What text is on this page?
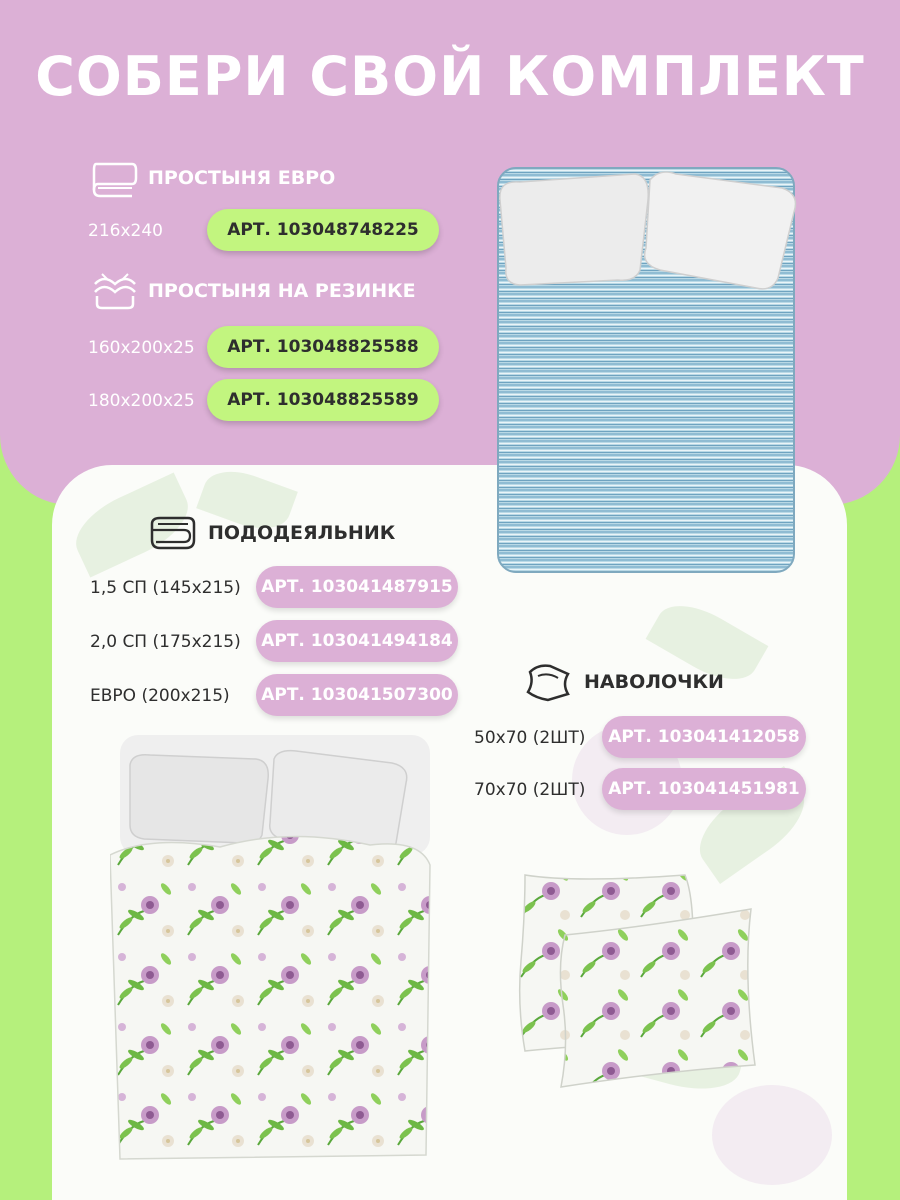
СОБЕРИ СВОЙ КОМПЛЕКТ
ПРОСТЫНЯ ЕВРО
216х240	АРТ. 103048748225
ПРОСТЫНЯ НА РЕЗИНКЕ
160х200х25	АРТ. 103048825588
180х200х25	АРТ. 103048825589
ПОДОДЕЯЛЬНИК
1,5 СП (145х215)	АРТ. 103041487915
2,0 СП (175х215)	АРТ. 103041494184
ЕВРО (200х215)	АРТ. 103041507300
НАВОЛОЧКИ
50х70 (2ШТ)	АРТ. 103041412058
70х70 (2ШТ)	АРТ. 103041451981
